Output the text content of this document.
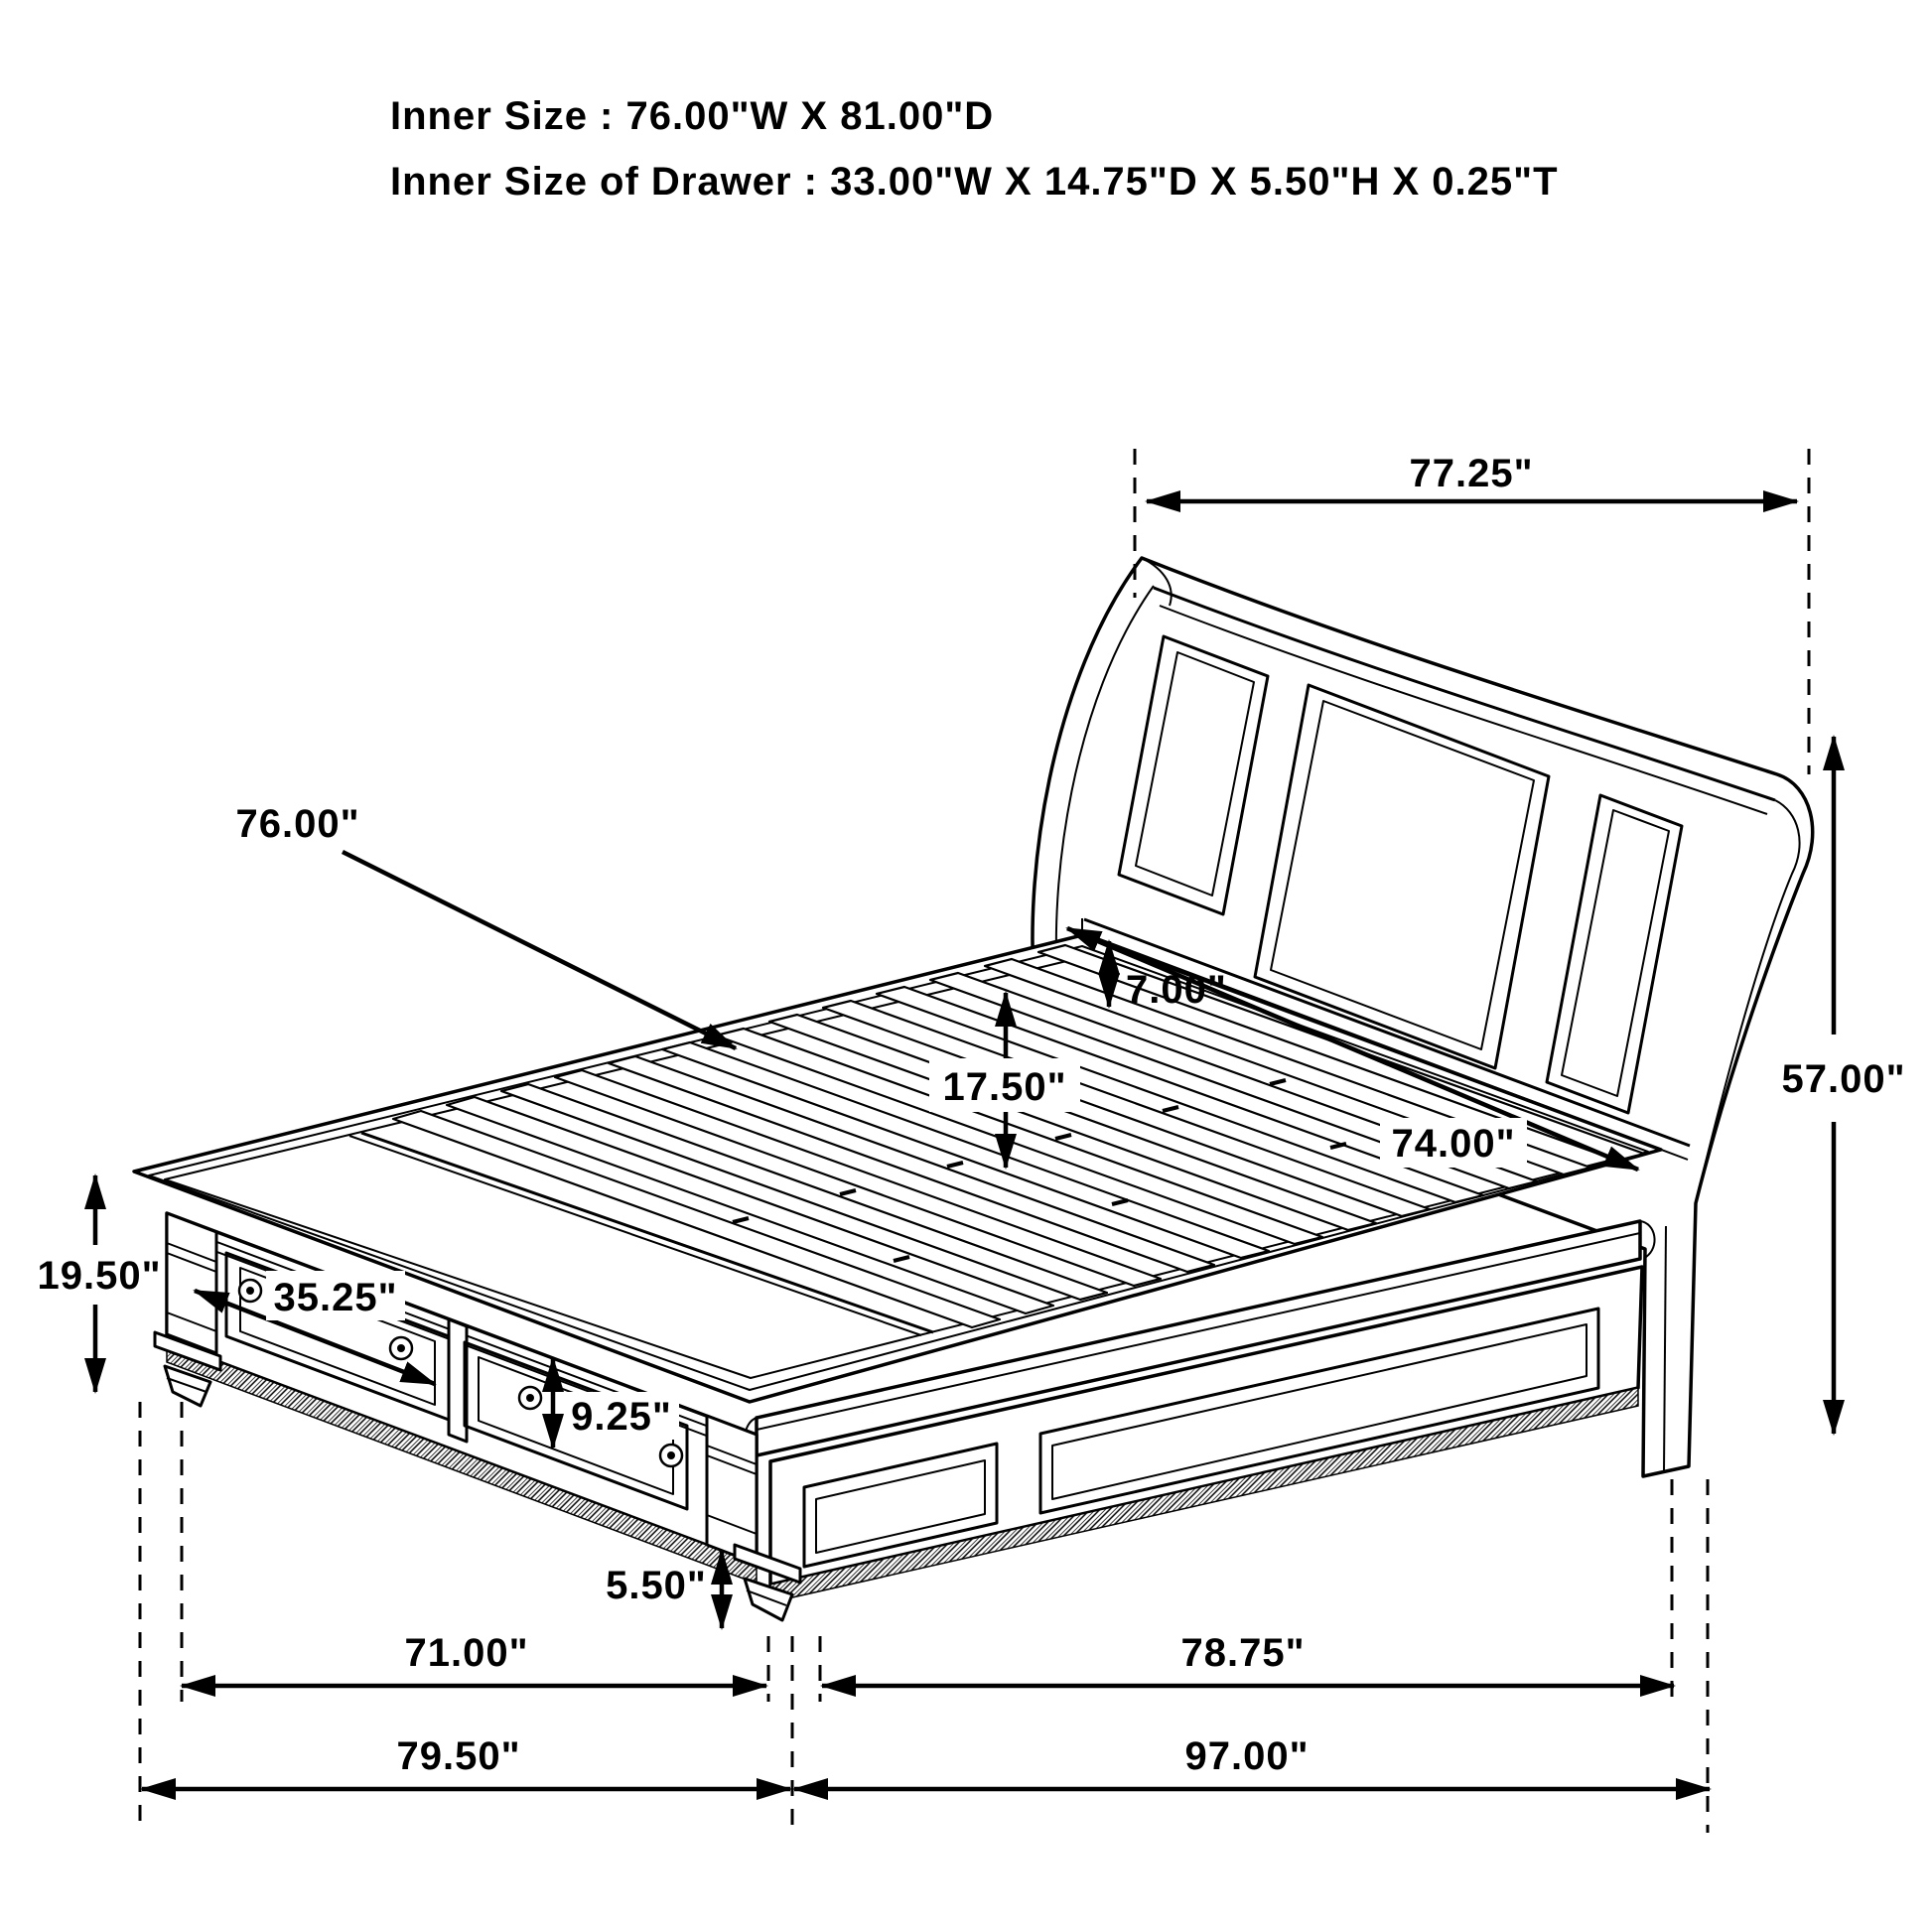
77.25"
76.00"
7.00"
17.50"
74.00"
57.00"
19.50"	35.25"
9.25"
5.50"
71.00"	78.75"
79.50"	97.00"
Inner Size : 76.00"W X 81.00"D
Inner Size of Drawer : 33.00"W X 14.75"D X 5.50"H X 0.25"T
